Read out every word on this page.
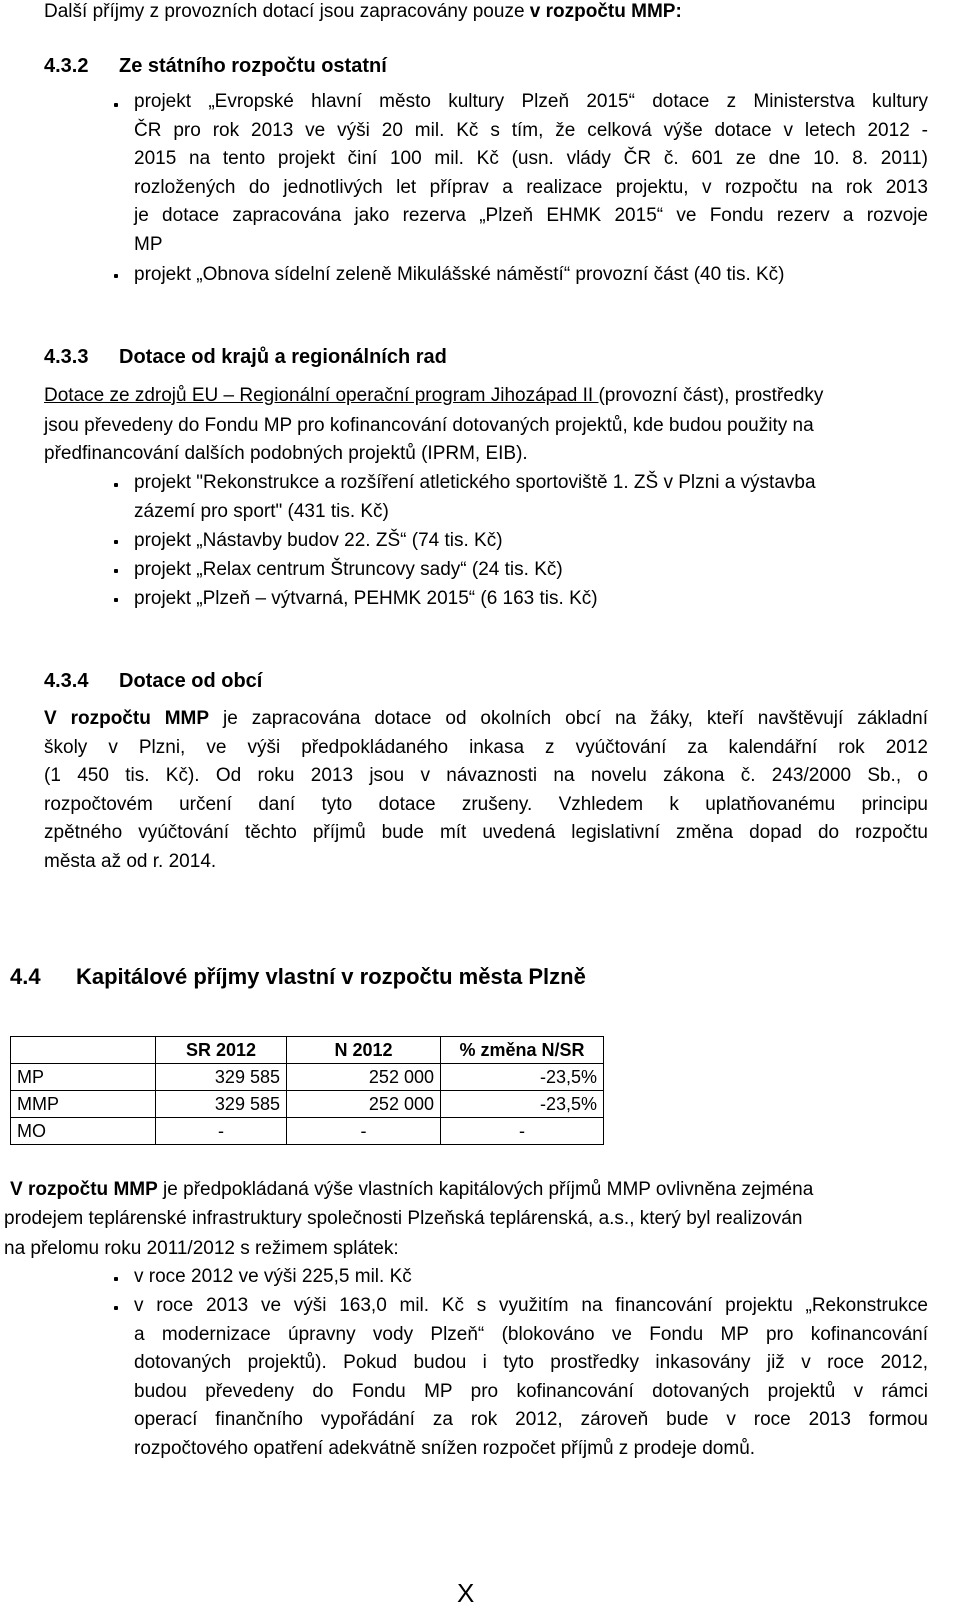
Další příjmy z provozních dotací jsou zapracovány pouze v rozpočtu MMP:
4.3.2 Ze státního rozpočtu ostatní
projekt „Evropské hlavní město kultury Plzeň 2015“ dotace z Ministerstva kultury
ČR pro rok 2013 ve výši 20 mil. Kč s tím, že celková výše dotace v letech 2012 -
2015 na tento projekt činí 100 mil. Kč (usn. vlády ČR č. 601 ze dne 10. 8. 2011)
rozložených do jednotlivých let příprav a realizace projektu, v rozpočtu na rok 2013
je dotace zapracována jako rezerva „Plzeň EHMK 2015“ ve Fondu rezerv a rozvoje
MP
projekt „Obnova sídelní zeleně Mikulášské náměstí“ provozní část (40 tis. Kč)
4.3.3 Dotace od krajů a regionálních rad
Dotace ze zdrojů EU – Regionální operační program Jihozápad II (provozní část), prostředky
jsou převedeny do Fondu MP pro kofinancování dotovaných projektů, kde budou použity na
předfinancování dalších podobných projektů (IPRM, EIB).
projekt "Rekonstrukce a rozšíření atletického sportoviště 1. ZŠ v Plzni a výstavba
zázemí pro sport" (431 tis. Kč)
projekt „Nástavby budov 22. ZŠ“ (74 tis. Kč)
projekt „Relax centrum Štruncovy sady“ (24 tis. Kč)
projekt „Plzeň – výtvarná, PEHMK 2015“ (6 163 tis. Kč)
4.3.4 Dotace od obcí
V rozpočtu MMP je zapracována dotace od okolních obcí na žáky, kteří navštěvují základní
školy v Plzni, ve výši předpokládaného inkasa z vyúčtování za kalendářní rok 2012
(1 450 tis. Kč). Od roku 2013 jsou v návaznosti na novelu zákona č. 243/2000 Sb., o
rozpočtovém určení daní tyto dotace zrušeny. Vzhledem k uplatňovanému principu
zpětného vyúčtování těchto příjmů bude mít uvedená legislativní změna dopad do rozpočtu
města až od r. 2014.
4.4 Kapitálové příjmy vlastní v rozpočtu města Plzně
	SR 2012	N 2012	% změna N/SR
MP	329 585	252 000	-23,5%
MMP	329 585	252 000	-23,5%
MO	-	-	-
V rozpočtu MMP je předpokládaná výše vlastních kapitálových příjmů MMP ovlivněna zejména
prodejem teplárenské infrastruktury společnosti Plzeňská teplárenská, a.s., který byl realizován
na přelomu roku 2011/2012 s režimem splátek:
v roce 2012 ve výši 225,5 mil. Kč
v roce 2013 ve výši 163,0 mil. Kč s využitím na financování projektu „Rekonstrukce
a modernizace úpravny vody Plzeň“ (blokováno ve Fondu MP pro kofinancování
dotovaných projektů). Pokud budou i tyto prostředky inkasovány již v roce 2012,
budou převedeny do Fondu MP pro kofinancování dotovaných projektů v rámci
operací finančního vypořádání za rok 2012, zároveň bude v roce 2013 formou
rozpočtového opatření adekvátně snížen rozpočet příjmů z prodeje domů.
X
